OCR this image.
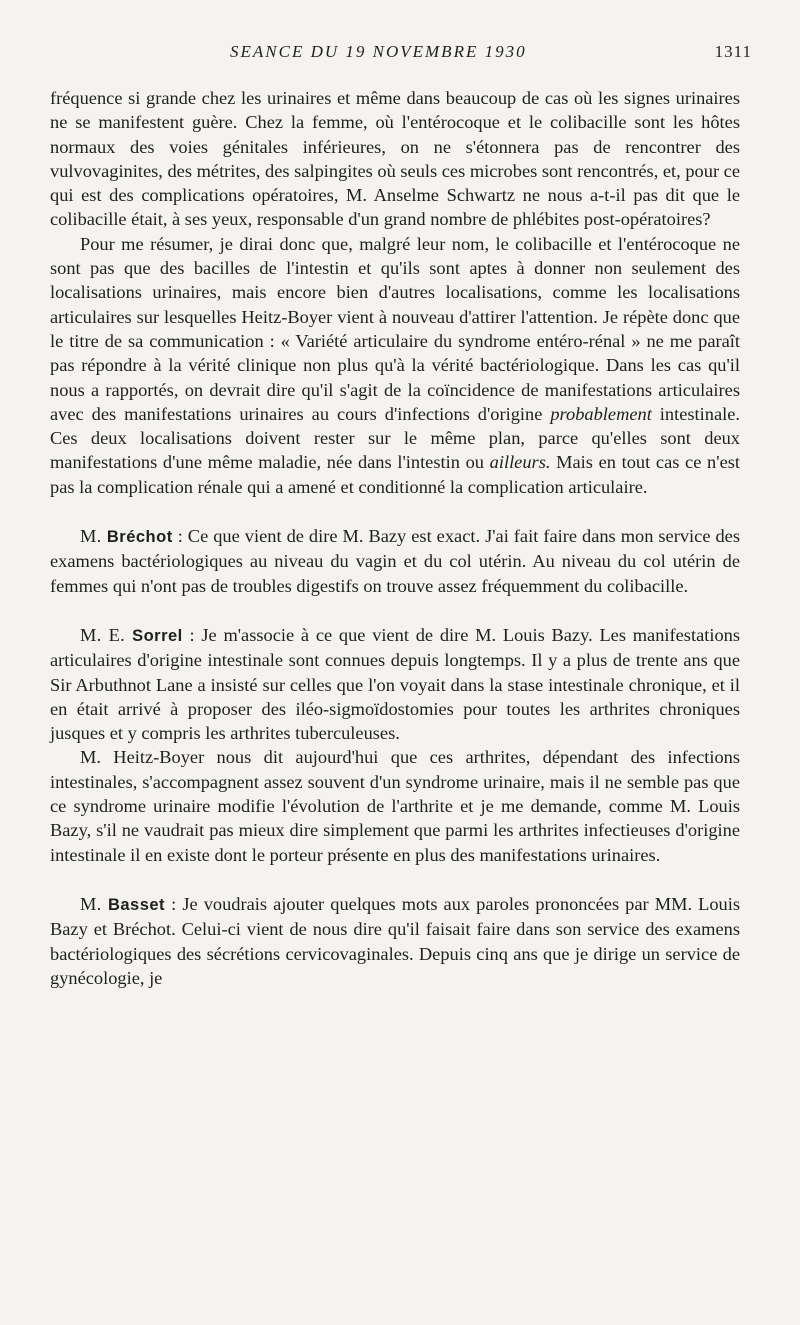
SEANCE DU 19 NOVEMBRE 1930	1311

fréquence si grande chez les urinaires et même dans beaucoup de cas où les signes urinaires ne se manifestent guère. Chez la femme, où l'entérocoque et le colibacille sont les hôtes normaux des voies génitales inférieures, on ne s'étonnera pas de rencontrer des vulvovaginites, des métrites, des salpingites où seuls ces microbes sont rencontrés, et, pour ce qui est des complications opératoires, M. Anselme Schwartz ne nous a-t-il pas dit que le colibacille était, à ses yeux, responsable d'un grand nombre de phlébites post-opératoires?

Pour me résumer, je dirai donc que, malgré leur nom, le colibacille et l'entérocoque ne sont pas que des bacilles de l'intestin et qu'ils sont aptes à donner non seulement des localisations urinaires, mais encore bien d'autres localisations, comme les localisations articulaires sur lesquelles Heitz-Boyer vient à nouveau d'attirer l'attention. Je répète donc que le titre de sa communication : « Variété articulaire du syndrome entéro-rénal » ne me paraît pas répondre à la vérité clinique non plus qu'à la vérité bactériologique. Dans les cas qu'il nous a rapportés, on devrait dire qu'il s'agit de la coïncidence de manifestations articulaires avec des manifestations urinaires au cours d'infections d'origine probablement intestinale. Ces deux localisations doivent rester sur le même plan, parce qu'elles sont deux manifestations d'une même maladie, née dans l'intestin ou ailleurs. Mais en tout cas ce n'est pas la complication rénale qui a amené et conditionné la complication articulaire.

M. Bréchot : Ce que vient de dire M. Bazy est exact. J'ai fait faire dans mon service des examens bactériologiques au niveau du vagin et du col utérin. Au niveau du col utérin de femmes qui n'ont pas de troubles digestifs on trouve assez fréquemment du colibacille.

M. E. Sorrel : Je m'associe à ce que vient de dire M. Louis Bazy. Les manifestations articulaires d'origine intestinale sont connues depuis longtemps. Il y a plus de trente ans que Sir Arbuthnot Lane a insisté sur celles que l'on voyait dans la stase intestinale chronique, et il en était arrivé à proposer des iléo-sigmoïdostomies pour toutes les arthrites chroniques jusques et y compris les arthrites tuberculeuses.

M. Heitz-Boyer nous dit aujourd'hui que ces arthrites, dépendant des infections intestinales, s'accompagnent assez souvent d'un syndrome urinaire, mais il ne semble pas que ce syndrome urinaire modifie l'évolution de l'arthrite et je me demande, comme M. Louis Bazy, s'il ne vaudrait pas mieux dire simplement que parmi les arthrites infectieuses d'origine intestinale il en existe dont le porteur présente en plus des manifestations urinaires.

M. Basset : Je voudrais ajouter quelques mots aux paroles prononcées par MM. Louis Bazy et Bréchot. Celui-ci vient de nous dire qu'il faisait faire dans son service des examens bactériologiques des sécrétions cervicovaginales. Depuis cinq ans que je dirige un service de gynécologie, je
